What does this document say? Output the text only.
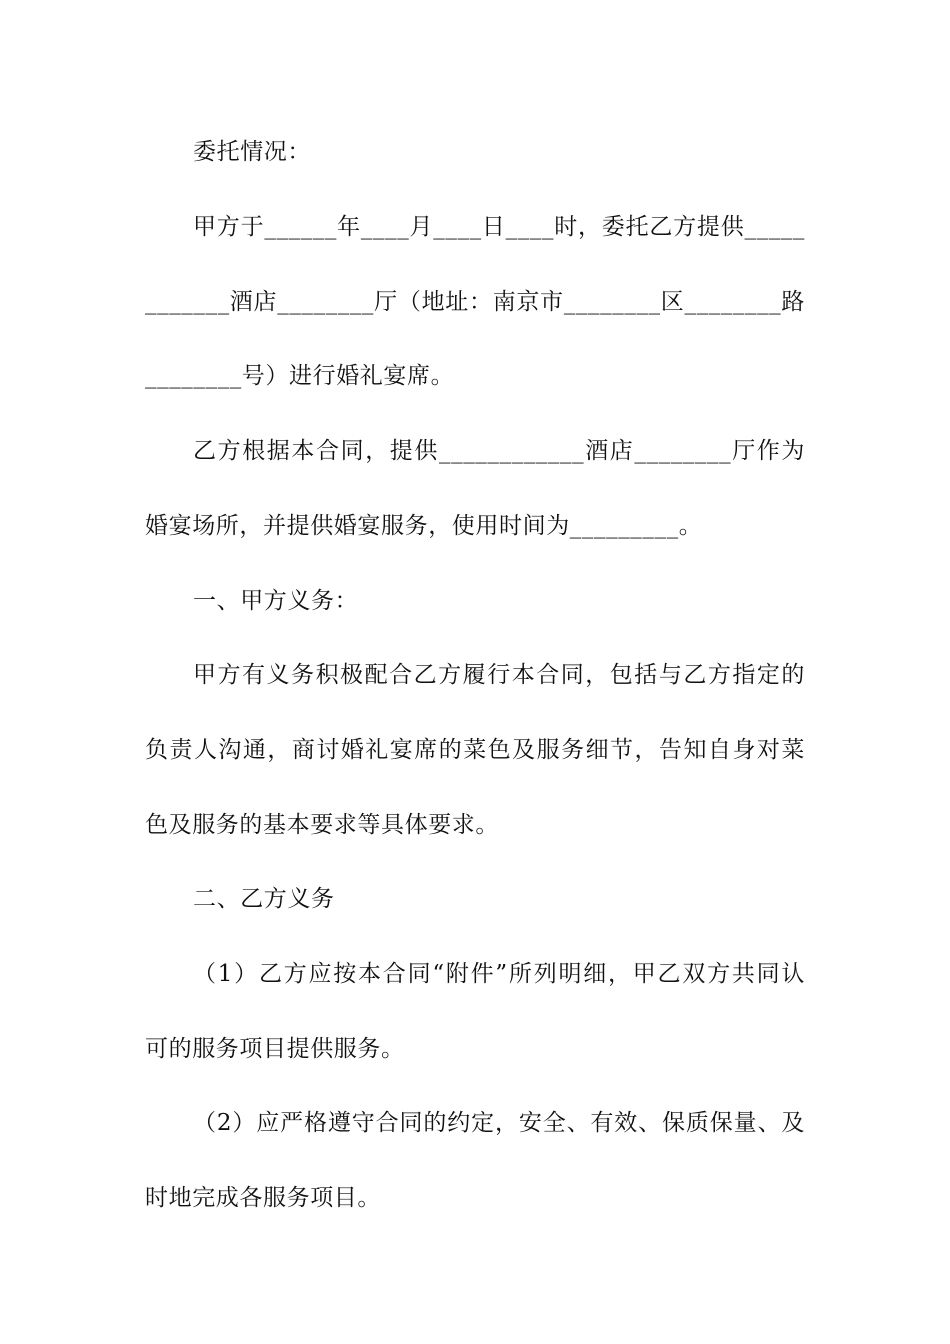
委托情况：
甲方于______年____月____日____时，委托乙方提供_____
_______酒店________厅（地址：南京市________区________路
________号）进行婚礼宴席。
乙方根据本合同，提供____________酒店________厅作为
婚宴场所，并提供婚宴服务，使用时间为_________。
一、甲方义务：
甲方有义务积极配合乙方履行本合同，包括与乙方指定的
负责人沟通，商讨婚礼宴席的菜色及服务细节，告知自身对菜
色及服务的基本要求等具体要求。
二、乙方义务
（1）乙方应按本合同“附件”所列明细，甲乙双方共同认
可的服务项目提供服务。
（2）应严格遵守合同的约定，安全、有效、保质保量、及
时地完成各服务项目。
